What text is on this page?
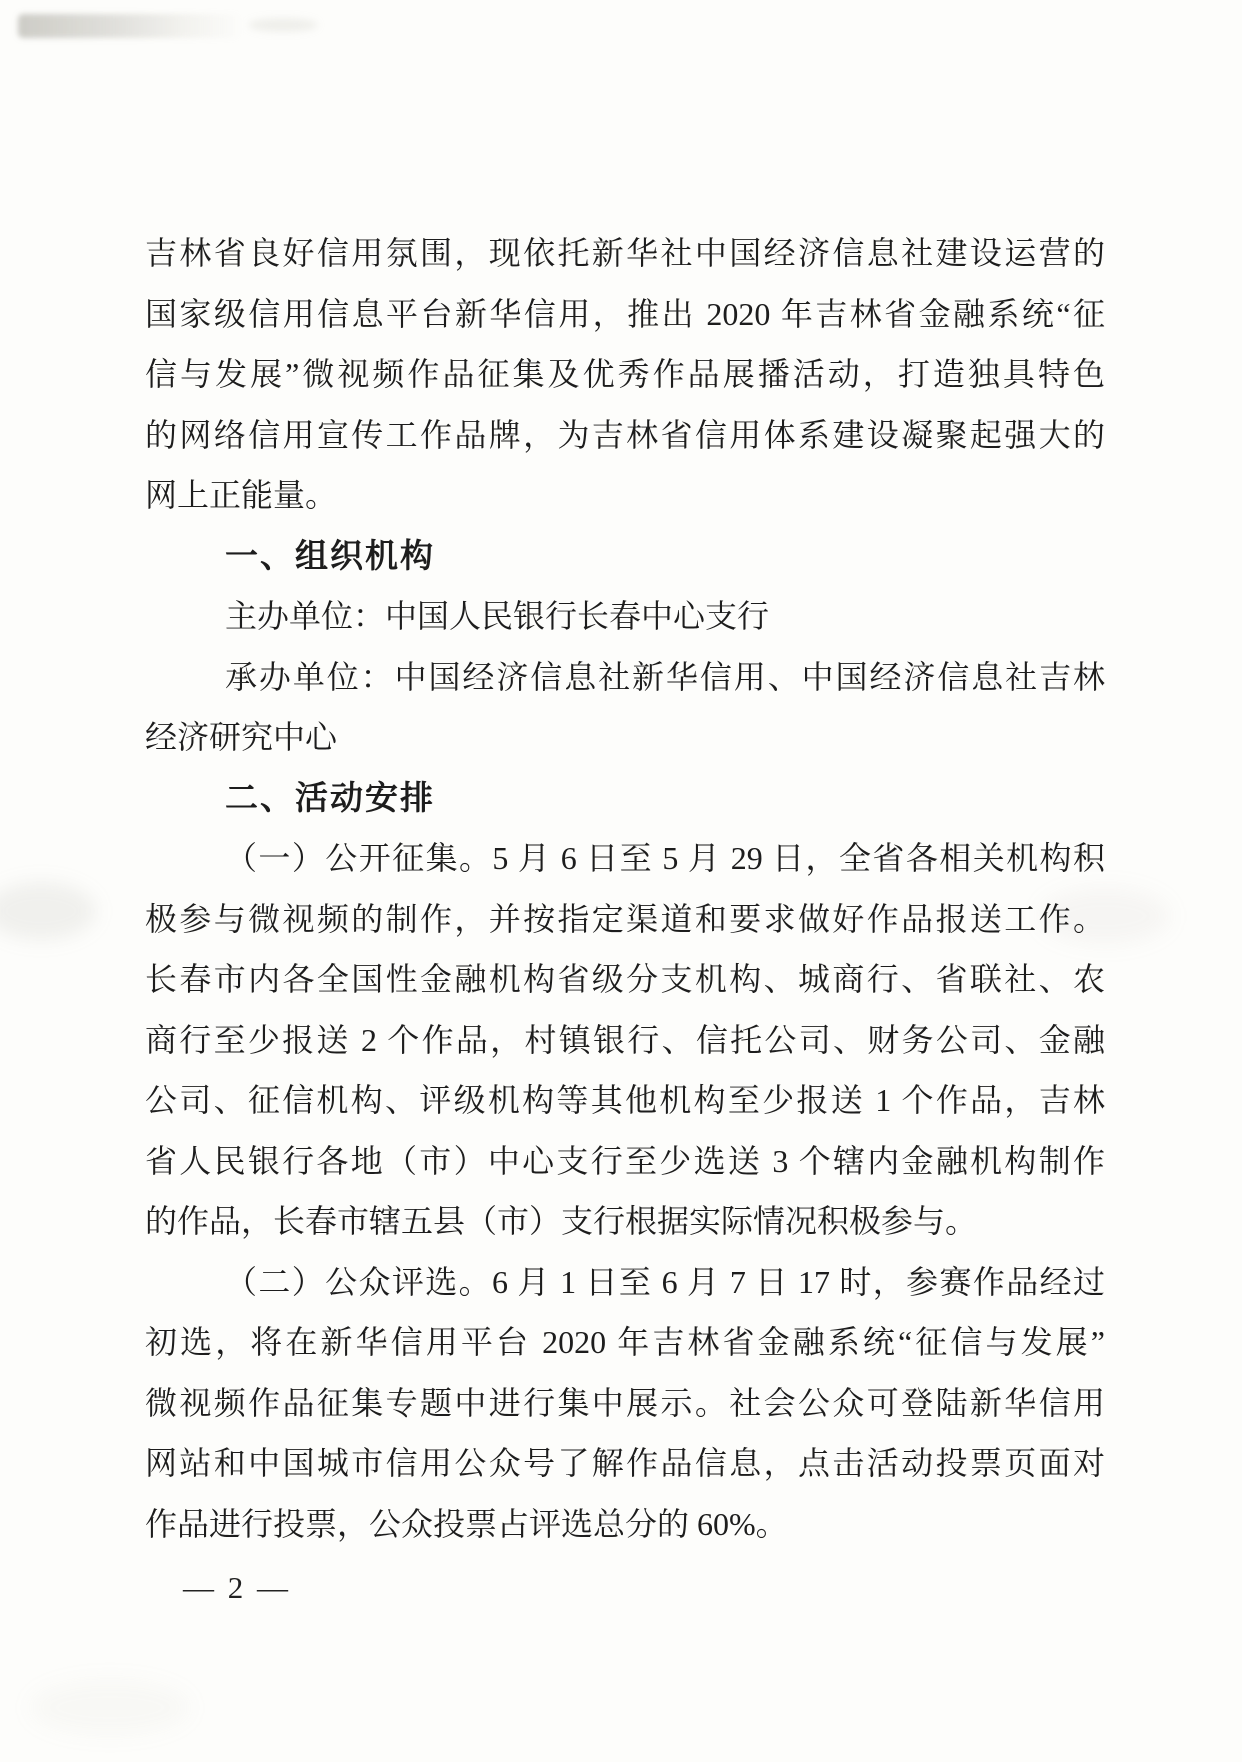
吉林省良好信用氛围，现依托新华社中国经济信息社建设运营的
国家级信用信息平台新华信用，推出 2020 年吉林省金融系统“征
信与发展”微视频作品征集及优秀作品展播活动，打造独具特色
的网络信用宣传工作品牌，为吉林省信用体系建设凝聚起强大的
网上正能量。
一、组织机构
主办单位：中国人民银行长春中心支行
承办单位：中国经济信息社新华信用、中国经济信息社吉林
经济研究中心
二、活动安排
（一）公开征集。5 月 6 日至 5 月 29 日，全省各相关机构积
极参与微视频的制作，并按指定渠道和要求做好作品报送工作。
长春市内各全国性金融机构省级分支机构、城商行、省联社、农
商行至少报送 2 个作品，村镇银行、信托公司、财务公司、金融
公司、征信机构、评级机构等其他机构至少报送 1 个作品，吉林
省人民银行各地（市）中心支行至少选送 3 个辖内金融机构制作
的作品，长春市辖五县（市）支行根据实际情况积极参与。
（二）公众评选。6 月 1 日至 6 月 7 日 17 时，参赛作品经过
初选，将在新华信用平台 2020 年吉林省金融系统“征信与发展”
微视频作品征集专题中进行集中展示。社会公众可登陆新华信用
网站和中国城市信用公众号了解作品信息，点击活动投票页面对
作品进行投票，公众投票占评选总分的 60%。
— 2 —
